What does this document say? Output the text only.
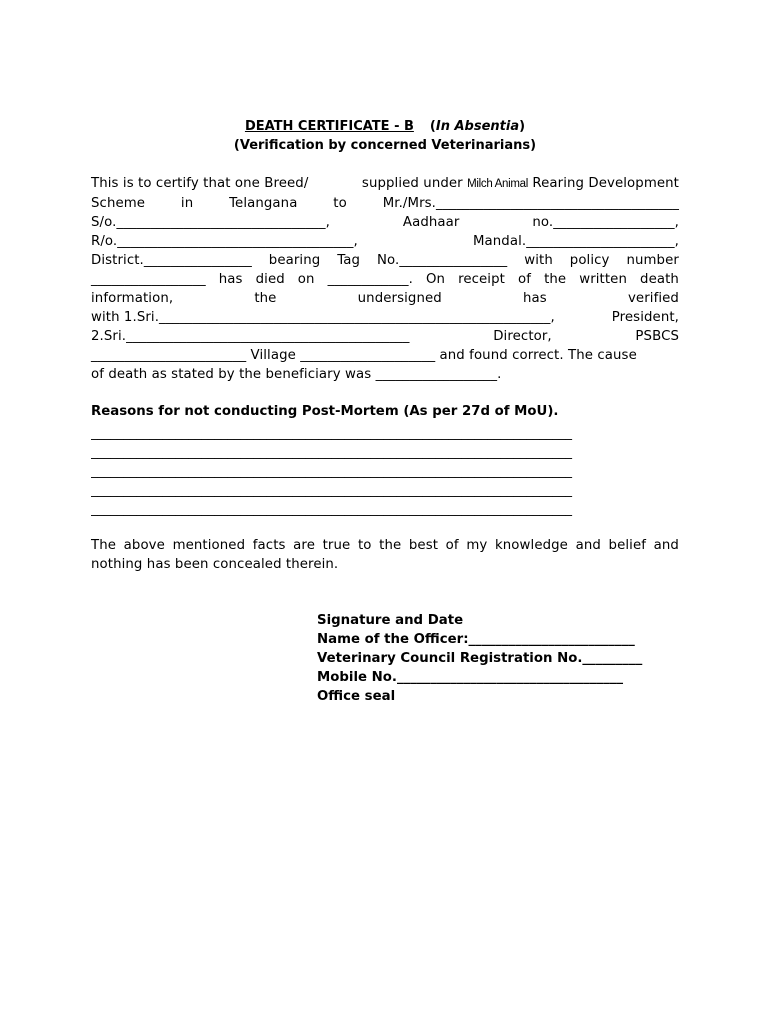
DEATH CERTIFICATE - B (In Absentia)
(Verification by concerned Veterinarians)
This is to certify that one Breed/	supplied under Milch Animal Rearing Development
Scheme	in	Telangana	to	Mr./Mrs.____________________________________
S/o._______________________________,	Aadhaar	no.__________________,
R/o.___________________________________,	Mandal.______________________,
District.________________ bearing Tag No.________________ with policy number
_________________ has died on ____________. On receipt of the written death
information,	the	undersigned	has	verified
with 1.Sri.__________________________________________________________,	President,
2.Sri.__________________________________________	Director,	PSBCS
_______________________ Village ____________________ and found correct. The cause
of death as stated by the beneficiary was __________________.
Reasons for not conducting Post-Mortem (As per 27d of MoU).
__________________________________________________________________________
__________________________________________________________________________
__________________________________________________________________________
__________________________________________________________________________
__________________________________________________________________________
The above mentioned facts are true to the best of my knowledge and belief and
nothing has been concealed therein.
Signature and Date
Name of the Officer:_________________________
Veterinary Council Registration No._________
Mobile No.__________________________________
Office seal
